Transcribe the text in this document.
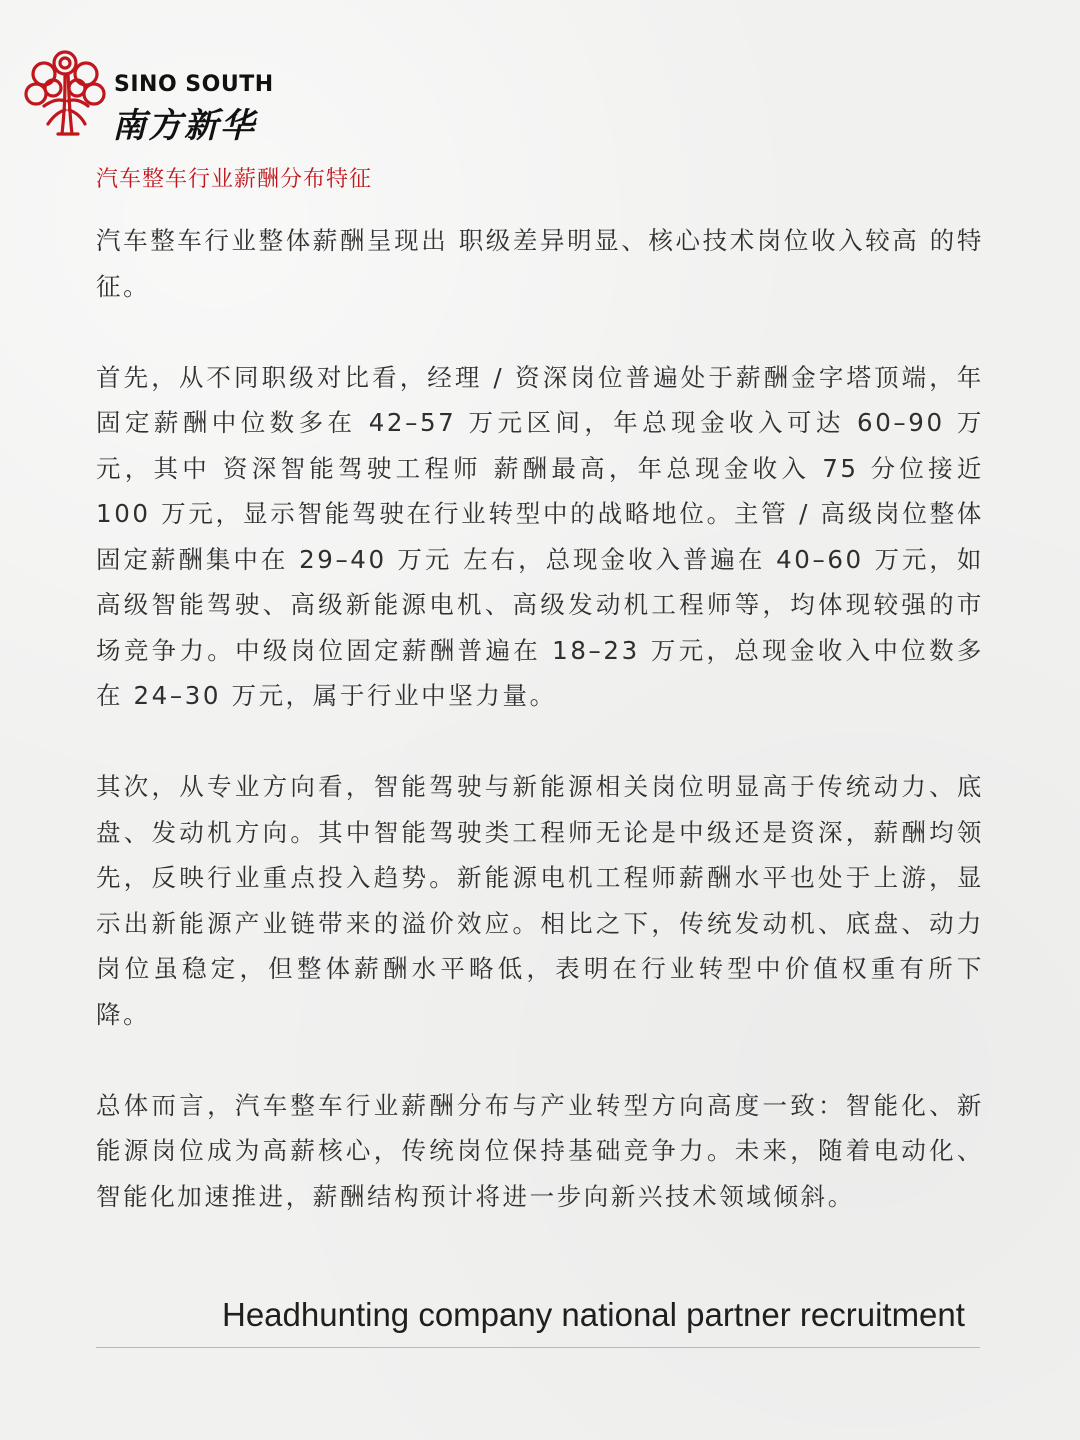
SINO SOUTH
南方新华
汽车整车行业薪酬分布特征

汽车整车行业整体薪酬呈现出 职级差异明显、核心技术岗位收入较高 的特征。

首先，从不同职级对比看，经理 / 资深岗位普遍处于薪酬金字塔顶端，年固定薪酬中位数多在 42–57 万元区间，年总现金收入可达 60–90 万元，其中 资深智能驾驶工程师 薪酬最高，年总现金收入 75 分位接近100 万元，显示智能驾驶在行业转型中的战略地位。主管 / 高级岗位整体固定薪酬集中在 29–40 万元 左右，总现金收入普遍在 40–60 万元，如高级智能驾驶、高级新能源电机、高级发动机工程师等，均体现较强的市场竞争力。中级岗位固定薪酬普遍在 18–23 万元，总现金收入中位数多在 24–30 万元，属于行业中坚力量。

其次，从专业方向看，智能驾驶与新能源相关岗位明显高于传统动力、底盘、发动机方向。其中智能驾驶类工程师无论是中级还是资深，薪酬均领先，反映行业重点投入趋势。新能源电机工程师薪酬水平也处于上游，显示出新能源产业链带来的溢价效应。相比之下，传统发动机、底盘、动力岗位虽稳定，但整体薪酬水平略低，表明在行业转型中价值权重有所下降。

总体而言，汽车整车行业薪酬分布与产业转型方向高度一致：智能化、新能源岗位成为高薪核心，传统岗位保持基础竞争力。未来，随着电动化、智能化加速推进，薪酬结构预计将进一步向新兴技术领域倾斜。

Headhunting company national partner recruitment
